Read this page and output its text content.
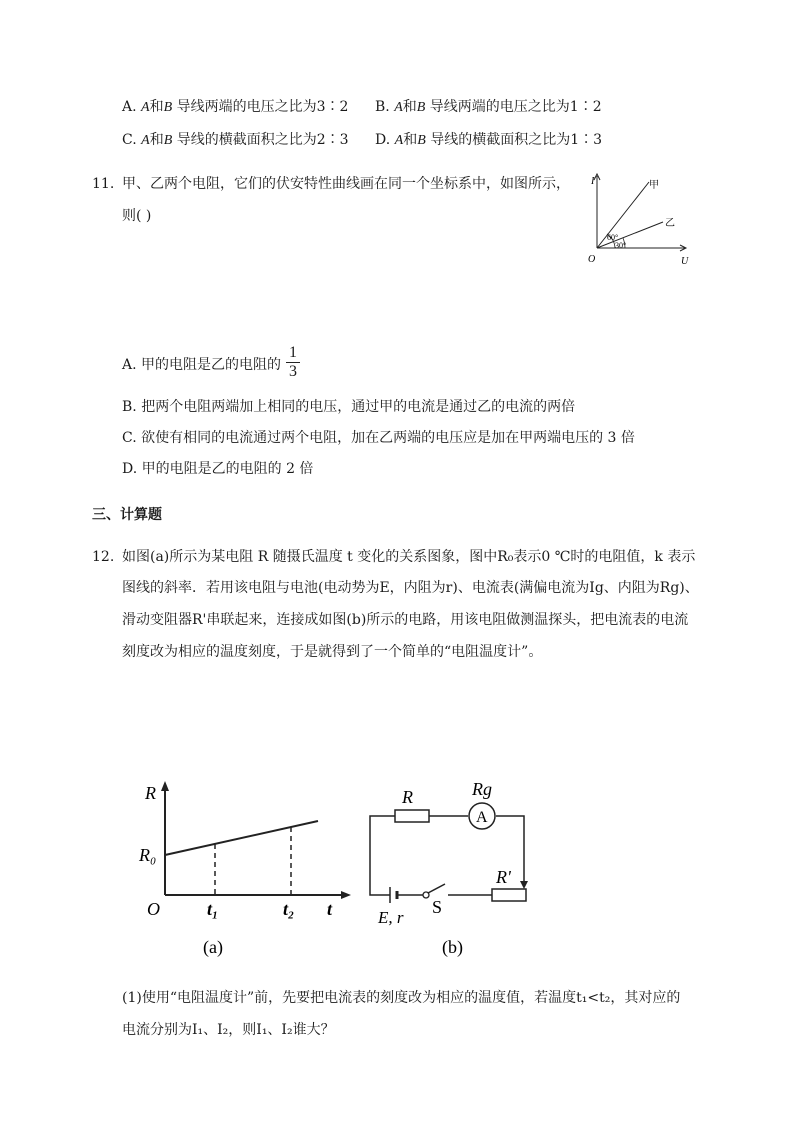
A. A和B 导线两端的电压之比为3∶2 B. A和B 导线两端的电压之比为1∶2
C. A和B 导线的横截面积之比为2∶3 D. A和B 导线的横截面积之比为1∶3
11. 甲、乙两个电阻，它们的伏安特性曲线画在同一个坐标系中，如图所示，
则( )
I
U
O
甲
乙
60°
30°
A. 甲的电阻是乙的电阻的
1
3
B. 把两个电阻两端加上相同的电压，通过甲的电流是通过乙的电流的两倍
C. 欲使有相同的电流通过两个电阻，加在乙两端的电压应是加在甲两端电压的 3 倍
D. 甲的电阻是乙的电阻的 2 倍
三、计算题
12. 如图(a)所示为某电阻 R 随摄氏温度 t 变化的关系图象，图中R₀表示0 ℃时的电阻值，k 表示
图线的斜率．若用该电阻与电池(电动势为E，内阻为r)、电流表(满偏电流为Ig、内阻为Rg)、
滑动变阻器R'串联起来，连接成如图(b)所示的电路，用该电阻做测温探头，把电流表的电流
刻度改为相应的温度刻度，于是就得到了一个简单的“电阻温度计”。
R
R₀
O	t₁	t₂ t
(a)
A
R	Rg
R'
E, r
S
(b)
(1)使用“电阻温度计”前，先要把电流表的刻度改为相应的温度值，若温度t₁<t₂，其对应的
电流分别为I₁、I₂，则I₁、I₂谁大？
